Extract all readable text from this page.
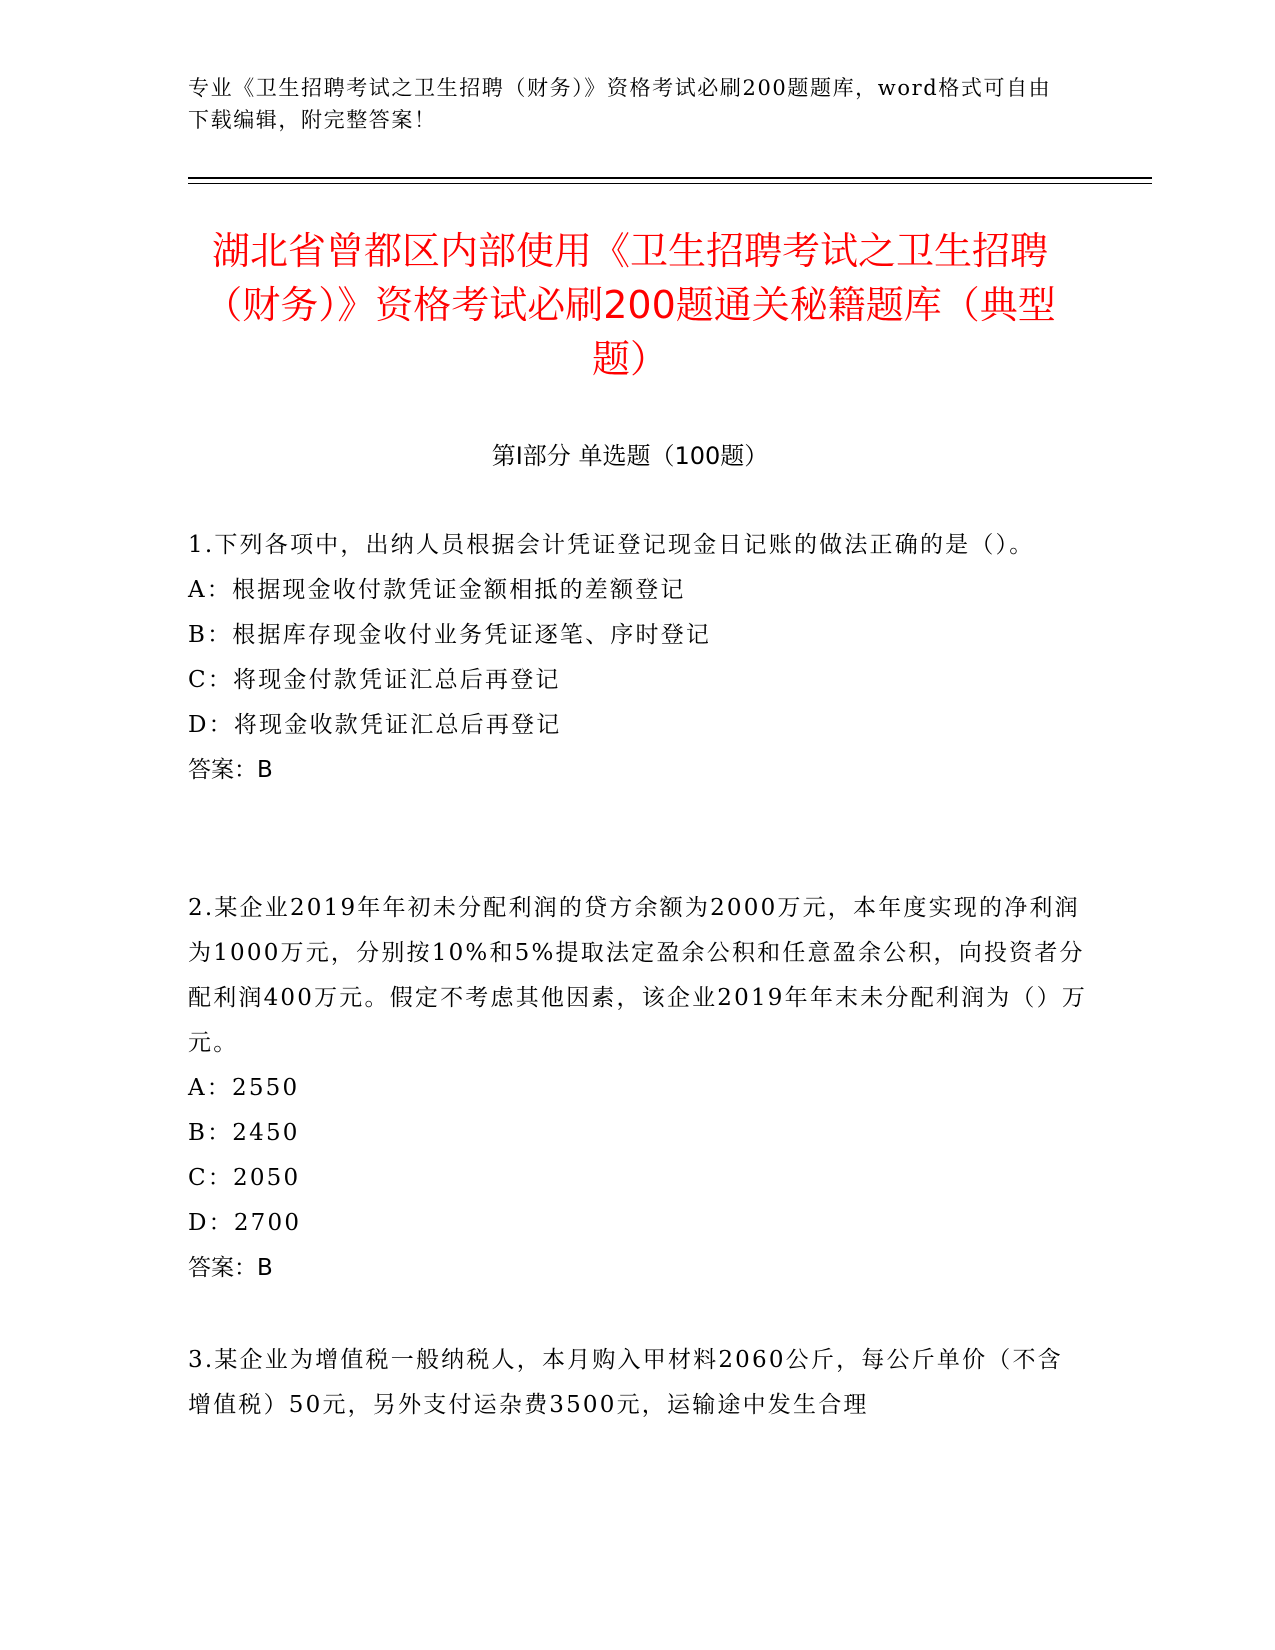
专业《卫生招聘考试之卫生招聘（财务）》资格考试必刷200题题库，word格式可自由下载编辑，附完整答案！

湖北省曾都区内部使用《卫生招聘考试之卫生招聘（财务）》资格考试必刷200题通关秘籍题库（典型题）
第Ⅰ部分 单选题（100题）

1.下列各项中，出纳人员根据会计凭证登记现金日记账的做法正确的是（）。

A：根据现金收付款凭证金额相抵的差额登记

B：根据库存现金收付业务凭证逐笔、序时登记

C：将现金付款凭证汇总后再登记

D：将现金收款凭证汇总后再登记

答案：B

2.某企业2019年年初未分配利润的贷方余额为2000万元，本年度实现的净利润为1000万元，分别按10%和5%提取法定盈余公积和任意盈余公积，向投资者分配利润400万元。假定不考虑其他因素，该企业2019年年末未分配利润为（）万元。

A：2550

B：2450

C：2050

D：2700

答案：B

3.某企业为增值税一般纳税人，本月购入甲材料2060公斤，每公斤单价（不含增值税）50元，另外支付运杂费3500元，运输途中发生合理
